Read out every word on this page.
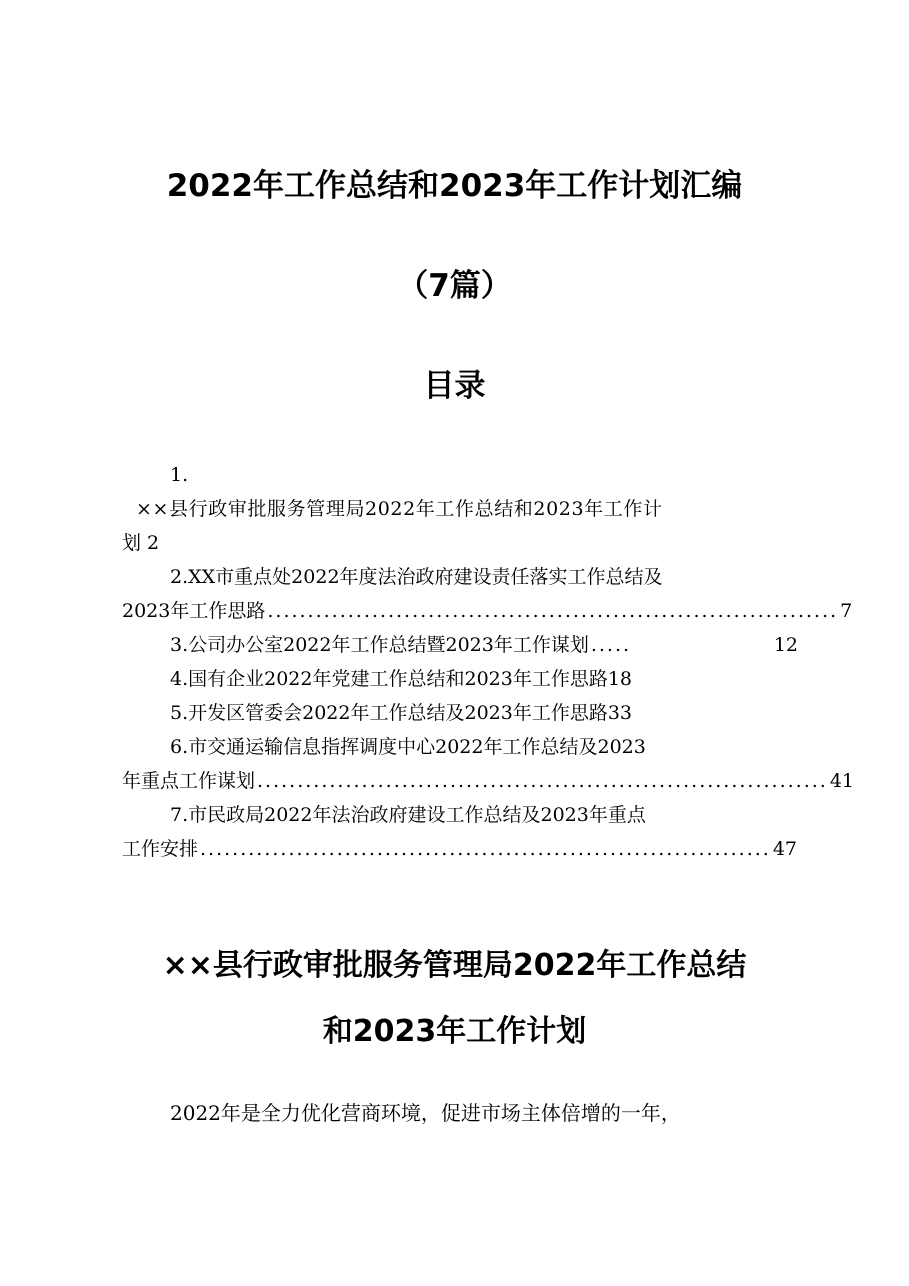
2022年工作总结和2023年工作计划汇编
（7篇）
目录
1.
××县行政审批服务管理局2022年工作总结和2023年工作计
划 2
2.XX市重点处2022年度法治政府建设责任落实工作总结及
2023年工作思路 ....................................................................... 7
3.公司办公室2022年工作总结暨2023年工作谋划 .....	12
4.国有企业2022年党建工作总结和2023年工作思路18
5.开发区管委会2022年工作总结及2023年工作思路33
6.市交通运输信息指挥调度中心2022年工作总结及2023
年重点工作谋划 ....................................................................... 41
7.市民政局2022年法治政府建设工作总结及2023年重点
工作安排 ....................................................................... 47
××县行政审批服务管理局2022年工作总结
和2023年工作计划
2022年是全力优化营商环境，促进市场主体倍增的一年，
